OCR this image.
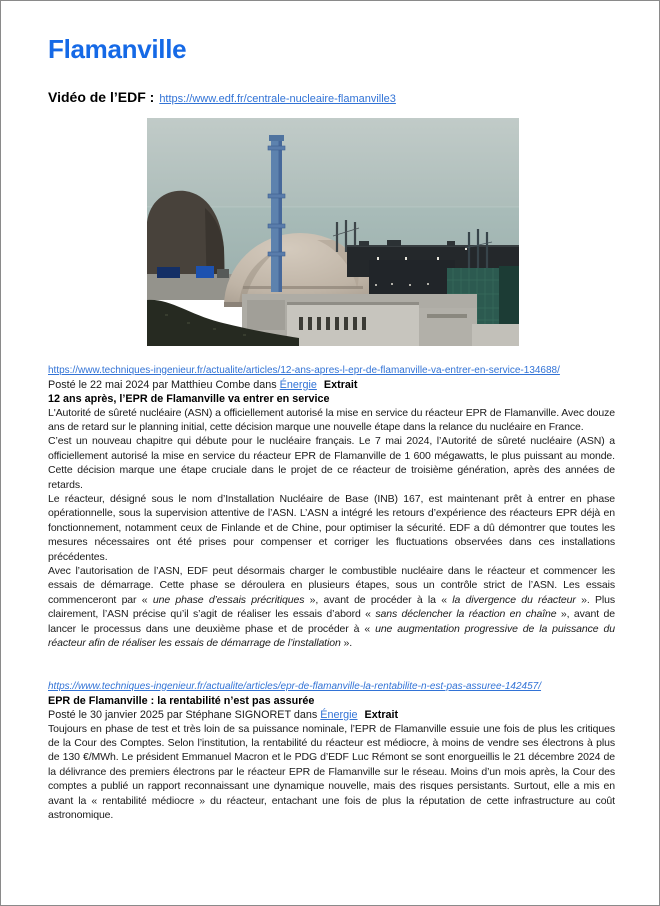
Flamanville
Vidéo de l’EDF : https://www.edf.fr/centrale-nucleaire-flamanville3
https://www.techniques-ingenieur.fr/actualite/articles/12-ans-apres-l-epr-de-flamanville-va-entrer-en-service-134688/
Posté le 22 mai 2024 par Matthieu Combe dans Énergie Extrait
12 ans après, l’EPR de Flamanville va entrer en service
L'Autorité de sûreté nucléaire (ASN) a officiellement autorisé la mise en service du réacteur EPR de Flamanville. Avec douze ans de retard sur le planning initial, cette décision marque une nouvelle étape dans la relance du nucléaire en France.
C’est un nouveau chapitre qui débute pour le nucléaire français. Le 7 mai 2024, l’Autorité de sûreté nucléaire (ASN) a officiellement autorisé la mise en service du réacteur EPR de Flamanville de 1 600 mégawatts, le plus puissant au monde. Cette décision marque une étape cruciale dans le projet de ce réacteur de troisième génération, après des années de retards.
Le réacteur, désigné sous le nom d’Installation Nucléaire de Base (INB) 167, est maintenant prêt à entrer en phase opérationnelle, sous la supervision attentive de l’ASN. L’ASN a intégré les retours d’expérience des réacteurs EPR déjà en fonctionnement, notamment ceux de Finlande et de Chine, pour optimiser la sécurité. EDF a dû démontrer que toutes les mesures nécessaires ont été prises pour compenser et corriger les fluctuations observées dans ces installations précédentes.
Avec l’autorisation de l’ASN, EDF peut désormais charger le combustible nucléaire dans le réacteur et commencer les essais de démarrage. Cette phase se déroulera en plusieurs étapes, sous un contrôle strict de l’ASN. Les essais commenceront par « une phase d’essais précritiques », avant de procéder à la « la divergence du réacteur ». Plus clairement, l’ASN précise qu’il s’agit de réaliser les essais d’abord « sans déclencher la réaction en chaîne », avant de lancer le processus dans une deuxième phase et de procéder à « une augmentation progressive de la puissance du réacteur afin de réaliser les essais de démarrage de l’installation ».
https://www.techniques-ingenieur.fr/actualite/articles/epr-de-flamanville-la-rentabilite-n-est-pas-assuree-142457/
EPR de Flamanville : la rentabilité n’est pas assurée
Posté le 30 janvier 2025 par Stéphane SIGNORET dans Énergie Extrait
Toujours en phase de test et très loin de sa puissance nominale, l’EPR de Flamanville essuie une fois de plus les critiques de la Cour des Comptes. Selon l’institution, la rentabilité du réacteur est médiocre, à moins de vendre ses électrons à plus de 130 €/MWh. Le président Emmanuel Macron et le PDG d’EDF Luc Rémont se sont enorgueillis le 21 décembre 2024 de la délivrance des premiers électrons par le réacteur EPR de Flamanville sur le réseau. Moins d’un mois après, la Cour des comptes a publié un rapport reconnaissant une dynamique nouvelle, mais des risques persistants. Surtout, elle a mis en avant la « rentabilité médiocre » du réacteur, entachant une fois de plus la réputation de cette infrastructure au coût astronomique.
